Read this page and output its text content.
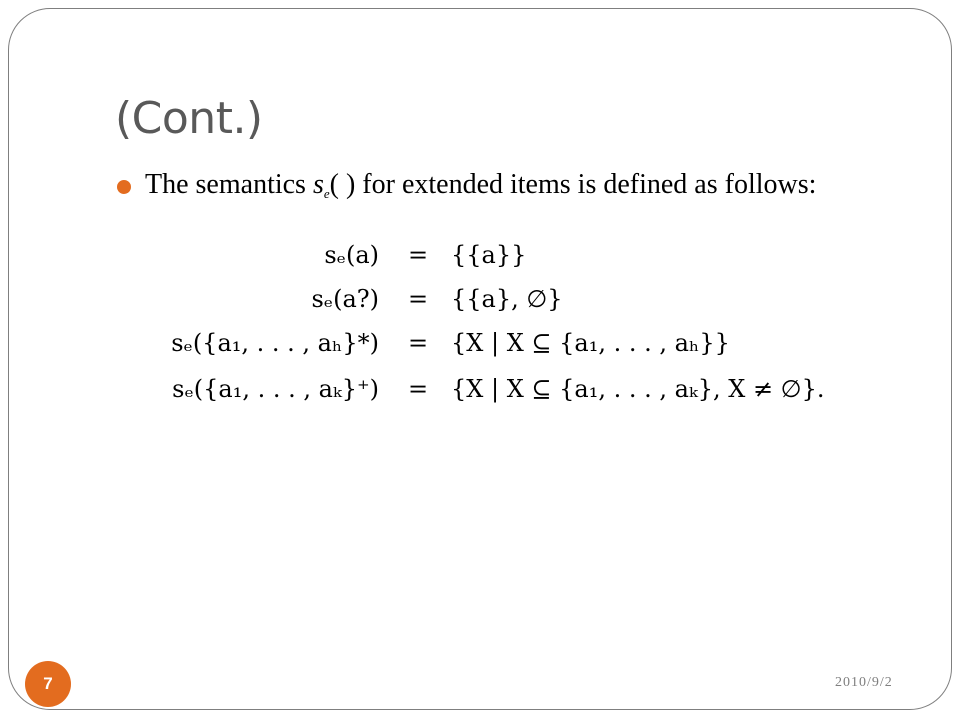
(Cont.)
The semantics $s_e$( ) for extended items is defined as follows:
sₑ(a) = {{a}}
sₑ(a?) = {{a}, ∅}
sₑ({a₁, . . . , aₕ}*) = {X | X ⊆ {a₁, . . . , aₕ}}
sₑ({a₁, . . . , aₖ}⁺) = {X | X ⊆ {a₁, . . . , aₖ}, X ≠ ∅}.
2010/9/2
7
